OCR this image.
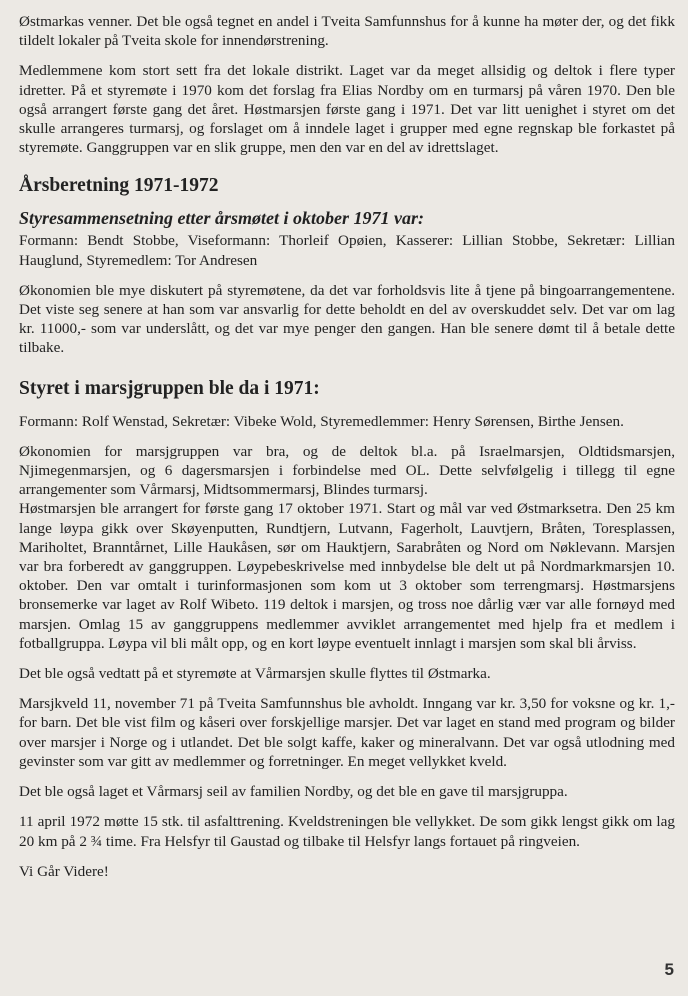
Østmarkas venner. Det ble også tegnet en andel i Tveita Samfunnshus for å kunne ha møter der, og det fikk tildelt lokaler på Tveita skole for innendørstrening.

Medlemmene kom stort sett fra det lokale distrikt. Laget var da meget allsidig og deltok i flere typer idretter. På et styremøte i 1970 kom det forslag fra Elias Nordby om en turmarsj på våren 1970. Den ble også arrangert første gang det året. Høstmarsjen første gang i 1971. Det var litt uenighet i styret om det skulle arrangeres turmarsj, og forslaget om å inndele laget i grupper med egne regnskap ble forkastet på styremøte. Ganggruppen var en slik gruppe, men den var en del av idrettslaget.

Årsberetning 1971-1972
Styresammensetning etter årsmøtet i oktober 1971 var:

Formann: Bendt Stobbe, Viseformann: Thorleif Opøien, Kasserer: Lillian Stobbe, Sekretær: Lillian Hauglund, Styremedlem: Tor Andresen

Økonomien ble mye diskutert på styremøtene, da det var forholdsvis lite å tjene på bingoarrangementene. Det viste seg senere at han som var ansvarlig for dette beholdt en del av overskuddet selv. Det var om lag kr. 11000,- som var underslått, og det var mye penger den gangen. Han ble senere dømt til å betale dette tilbake.

Styret i marsjgruppen ble da i 1971:

Formann: Rolf Wenstad, Sekretær: Vibeke Wold, Styremedlemmer: Henry Sørensen, Birthe Jensen.

Økonomien for marsjgruppen var bra, og de deltok bl.a. på Israelmarsjen, Oldtidsmarsjen, Njimegenmarsjen, og 6 dagersmarsjen i forbindelse med OL. Dette selvfølgelig i tillegg til egne arrangementer som Vårmarsj, Midtsommermarsj, Blindes turmarsj.

Høstmarsjen ble arrangert for første gang 17 oktober 1971. Start og mål var ved Østmarksetra. Den 25 km lange løypa gikk over Skøyenputten, Rundtjern, Lutvann, Fagerholt, Lauvtjern, Bråten, Toresplassen, Mariholtet, Branntårnet, Lille Haukåsen, sør om Hauktjern, Sarabråten og Nord om Nøklevann. Marsjen var bra forberedt av ganggruppen. Løypebeskrivelse med innbydelse ble delt ut på Nordmarkmarsjen 10. oktober. Den var omtalt i turinformasjonen som kom ut 3 oktober som terrengmarsj. Høstmarsjens bronsemerke var laget av Rolf Wibeto. 119 deltok i marsjen, og tross noe dårlig vær var alle fornøyd med marsjen. Omlag 15 av ganggruppens medlemmer avviklet arrangementet med hjelp fra et medlem i fotballgruppa. Løypa vil bli målt opp, og en kort løype eventuelt innlagt i marsjen som skal bli årviss.

Det ble også vedtatt på et styremøte at Vårmarsjen skulle flyttes til Østmarka.

Marsjkveld 11, november 71 på Tveita Samfunnshus ble avholdt. Inngang var kr. 3,50 for voksne og kr. 1,- for barn. Det ble vist film og kåseri over forskjellige marsjer. Det var laget en stand med program og bilder over marsjer i Norge og i utlandet. Det ble solgt kaffe, kaker og mineralvann. Det var også utlodning med gevinster som var gitt av medlemmer og forretninger. En meget vellykket kveld.

Det ble også laget et Vårmarsj seil av familien Nordby, og det ble en gave til marsjgruppa.

11 april 1972 møtte 15 stk. til asfalttrening. Kveldstreningen ble vellykket. De som gikk lengst gikk om lag 20 km på 2 ¾ time. Fra Helsfyr til Gaustad og tilbake til Helsfyr langs fortauet på ringveien.

Vi Går Videre!

5
